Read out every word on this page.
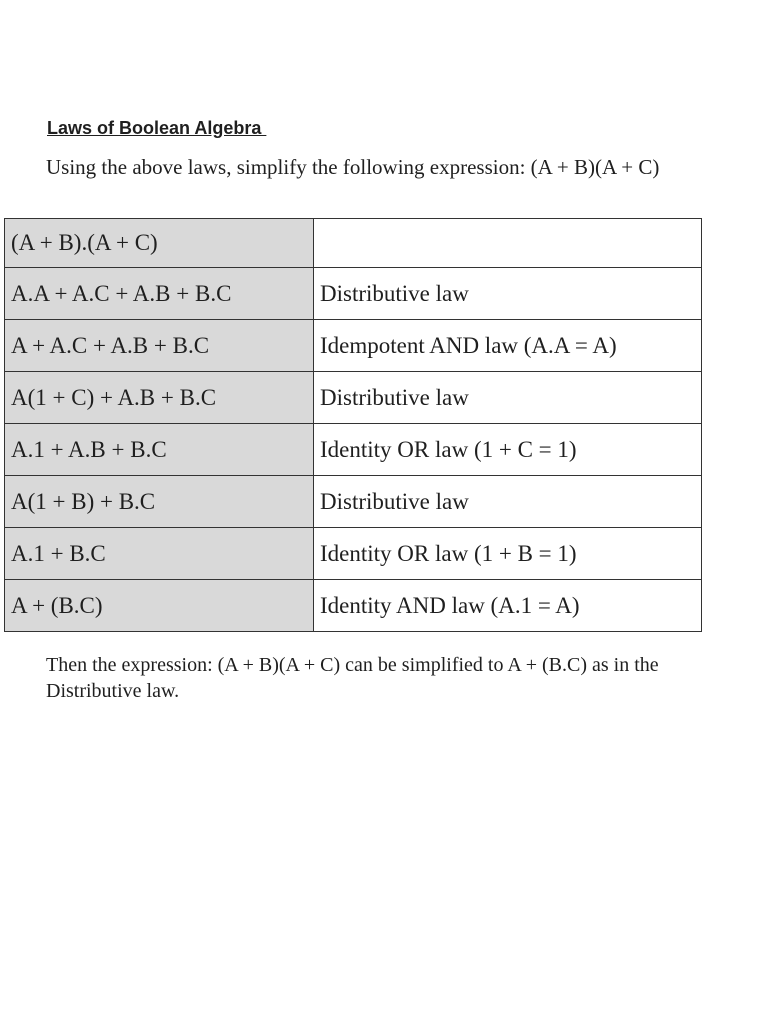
Laws of Boolean Algebra

Using the above laws, simplify the following expression: (A + B)(A + C)

(A + B).(A + C)	
A.A + A.C + A.B + B.C	Distributive law
A + A.C + A.B + B.C	Idempotent AND law (A.A = A)
A(1 + C) + A.B + B.C	Distributive law
A.1 + A.B + B.C	Identity OR law (1 + C = 1)
A(1 + B) + B.C	Distributive law
A.1 + B.C	Identity OR law (1 + B = 1)
A + (B.C)	Identity AND law (A.1 = A)

Then the expression: (A + B)(A + C) can be simplified to A + (B.C) as in the Distributive law.
